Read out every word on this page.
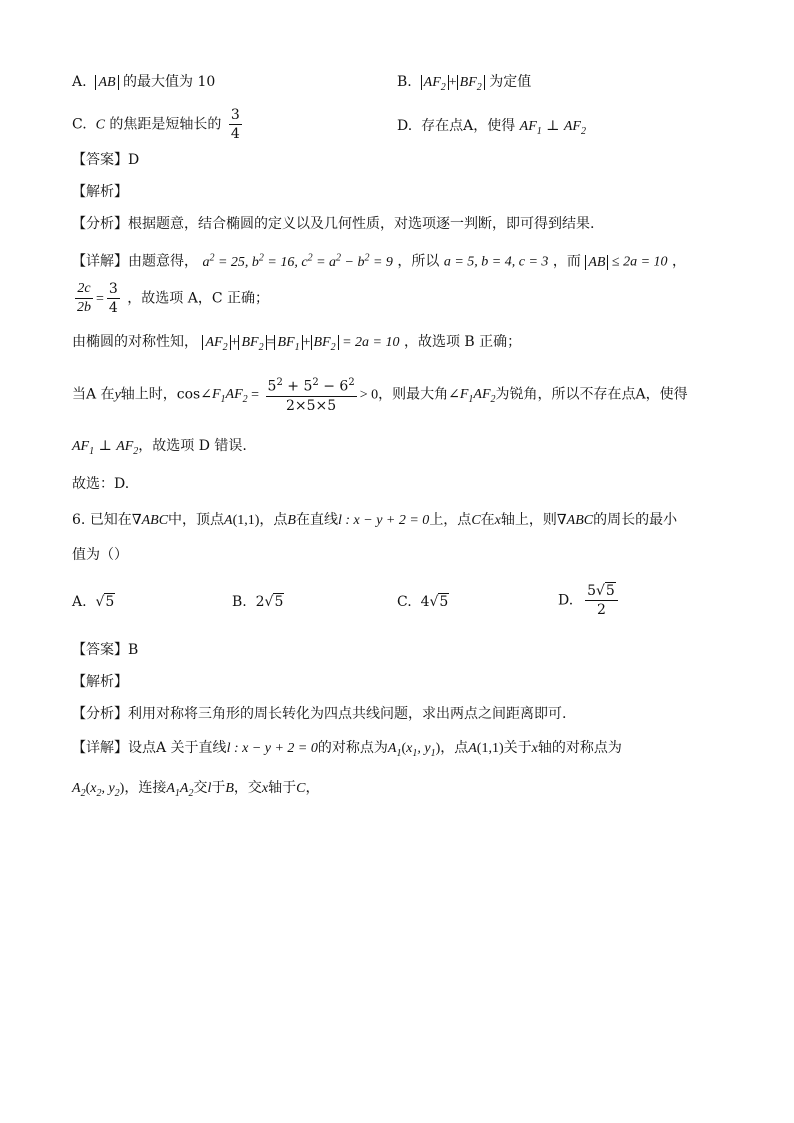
A. AB 的最大值为 10	B. $AF_2 + BF_2$ 为定值
C. C 的焦距是短轴长的 $\frac{3}{4}$	D. 存在点A，使得 $AF_1$ ⊥ $AF_2$
【答案】D
【解析】
【分析】根据题意，结合椭圆的定义以及几何性质，对选项逐一判断，即可得到结果.
【详解】由题意得， $a^2 = 25$, $b^2 = 16$, $c^2 = a^2 - b^2 = 9$ ，所以 a = 5, b = 4, c = 3 ，而 AB ≤ 2a = 10 ，
$\frac{2c}{2b} = \frac{3}{4}$ ，故选项 A，C 正确；
由椭圆的对称性知， $AF_2 + BF_2 = BF_1 + BF_2 = 2a = 10$ ，故选项 B 正确；
当A 在y轴上时，$\cos\angle F_1AF_2 = \frac{5^2 + 5^2 - 6^2}{2\times 5\times 5} > 0$，则最大角$\angle F_1AF_2$为锐角，所以不存在点A，使得
$AF_1$ ⊥ $AF_2$，故选项 D 错误.
故选：D.
6. 已知在∇ABC中，顶点A(1,1)，点B在直线l : x − y + 2 = 0上，点C在x轴上，则∇ABC的周长的最小
值为（）
A.  √5	B.  2√5	C.  4√5	D. $\frac{5√5}{2}$
【答案】B
【解析】
【分析】利用对称将三角形的周长转化为四点共线问题，求出两点之间距离即可.
【详解】设点A 关于直线l : x − y + 2 = 0的对称点为$A_1(x_1$, $y_1$)，点A(1,1)关于x轴的对称点为
$A_2(x_2$, $y_2$)，连接$A_1A_2$交l于B，交x轴于C，
